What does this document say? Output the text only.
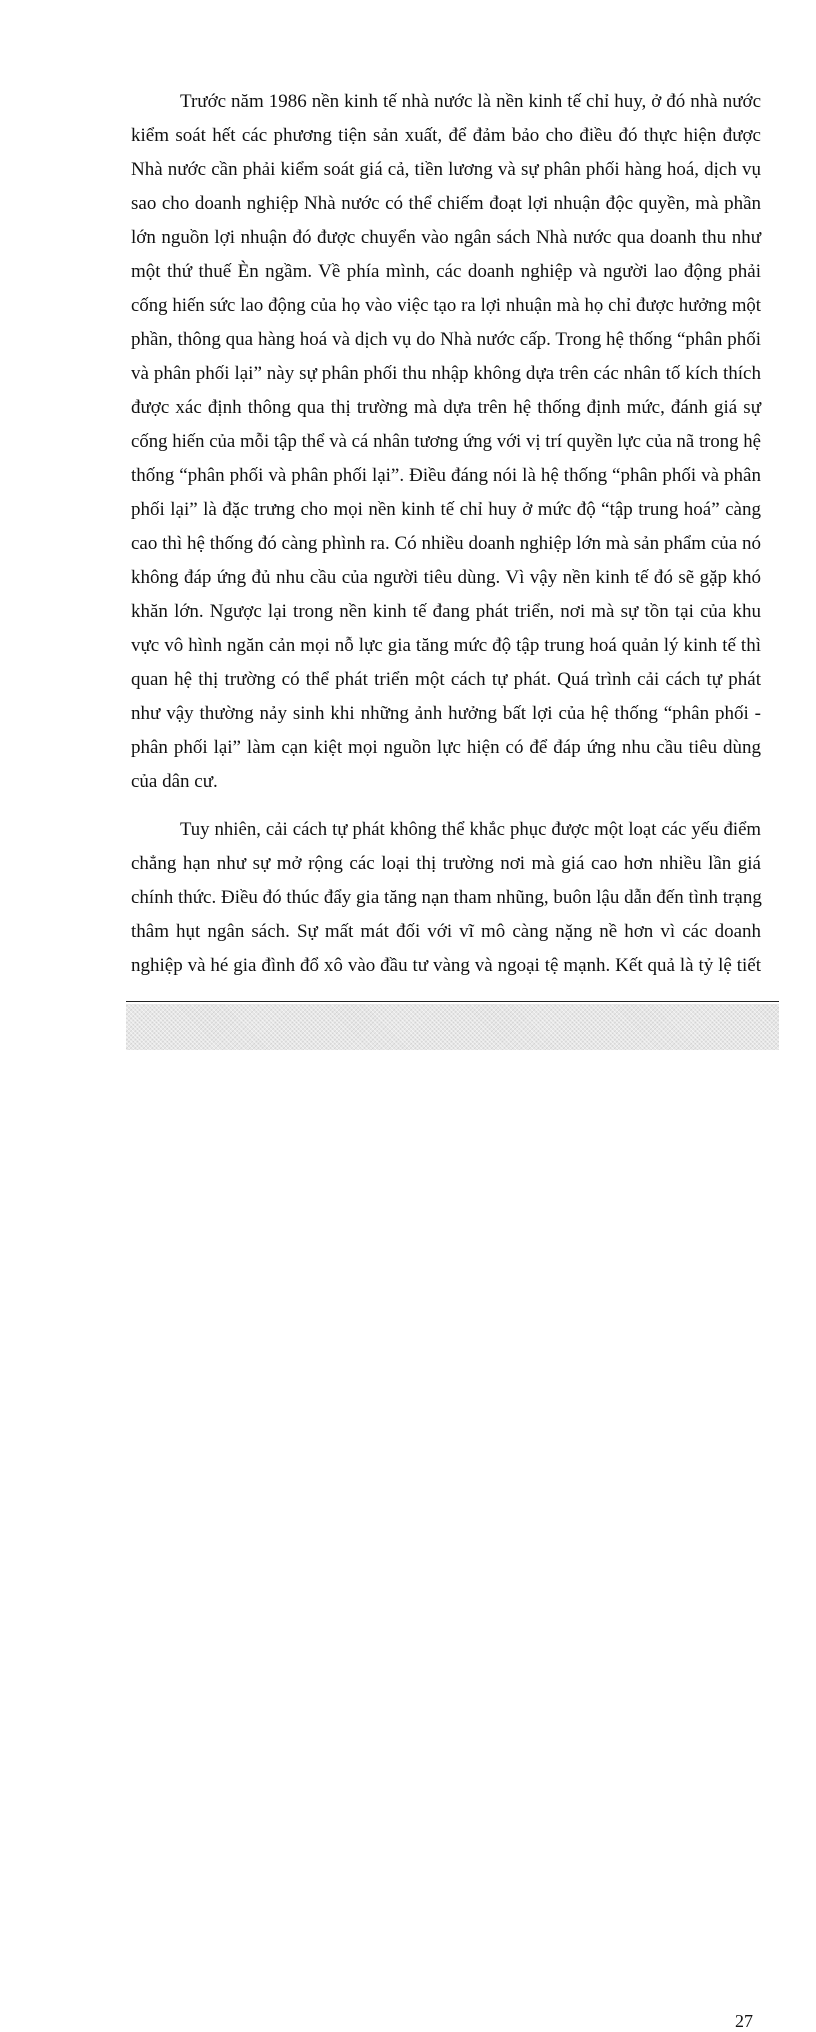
Trước năm 1986 nền kinh tế nhà nước là nền kinh tế chỉ huy, ở đó nhà nước
kiểm soát hết các phương tiện sản xuất, để đảm bảo cho điều đó thực hiện được
Nhà nước cần phải kiểm soát giá cả, tiền lương và sự phân phối hàng hoá, dịch vụ
sao cho doanh nghiệp Nhà nước có thể chiếm đoạt lợi nhuận độc quyền, mà phần
lớn nguồn lợi nhuận đó được chuyển vào ngân sách Nhà nước qua doanh thu như
một thứ thuế Èn ngầm. Về phía mình, các doanh nghiệp và người lao động phải
cống hiến sức lao động của họ vào việc tạo ra lợi nhuận mà họ chỉ được hưởng một
phần, thông qua hàng hoá và dịch vụ do Nhà nước cấp. Trong hệ thống “phân phối
và phân phối lại” này sự phân phối thu nhập không dựa trên các nhân tố kích thích
được xác định thông qua thị trường mà dựa trên hệ thống định mức, đánh giá sự
cống hiến của mỗi tập thể và cá nhân tương ứng với vị trí quyền lực của nã trong hệ
thống “phân phối và phân phối lại”. Điều đáng nói là hệ thống “phân phối và phân
phối lại” là đặc trưng cho mọi nền kinh tế chỉ huy ở mức độ “tập trung hoá” càng
cao thì hệ thống đó càng phình ra. Có nhiều doanh nghiệp lớn mà sản phẩm của nó
không đáp ứng đủ nhu cầu của người tiêu dùng. Vì vậy nền kinh tế đó sẽ gặp khó
khăn lớn. Ngược lại trong nền kinh tế đang phát triển, nơi mà sự tồn tại của khu
vực vô hình ngăn cản mọi nỗ lực gia tăng mức độ tập trung hoá quản lý kinh tế thì
quan hệ thị trường có thể phát triển một cách tự phát. Quá trình cải cách tự phát
như vậy thường nảy sinh khi những ảnh hưởng bất lợi của hệ thống “phân phối -
phân phối lại” làm cạn kiệt mọi nguồn lực hiện có để đáp ứng nhu cầu tiêu dùng
của dân cư.
Tuy nhiên, cải cách tự phát không thể khắc phục được một loạt các yếu điểm
chẳng hạn như sự mở rộng các loại thị trường nơi mà giá cao hơn nhiều lần giá
chính thức. Điều đó thúc đẩy gia tăng nạn tham nhũng, buôn lậu dẫn đến tình trạng
thâm hụt ngân sách. Sự mất mát đối với vĩ mô càng nặng nề hơn vì các doanh
nghiệp và hé gia đình đổ xô vào đầu tư vàng và ngoại tệ mạnh. Kết quả là tỷ lệ tiết
27
